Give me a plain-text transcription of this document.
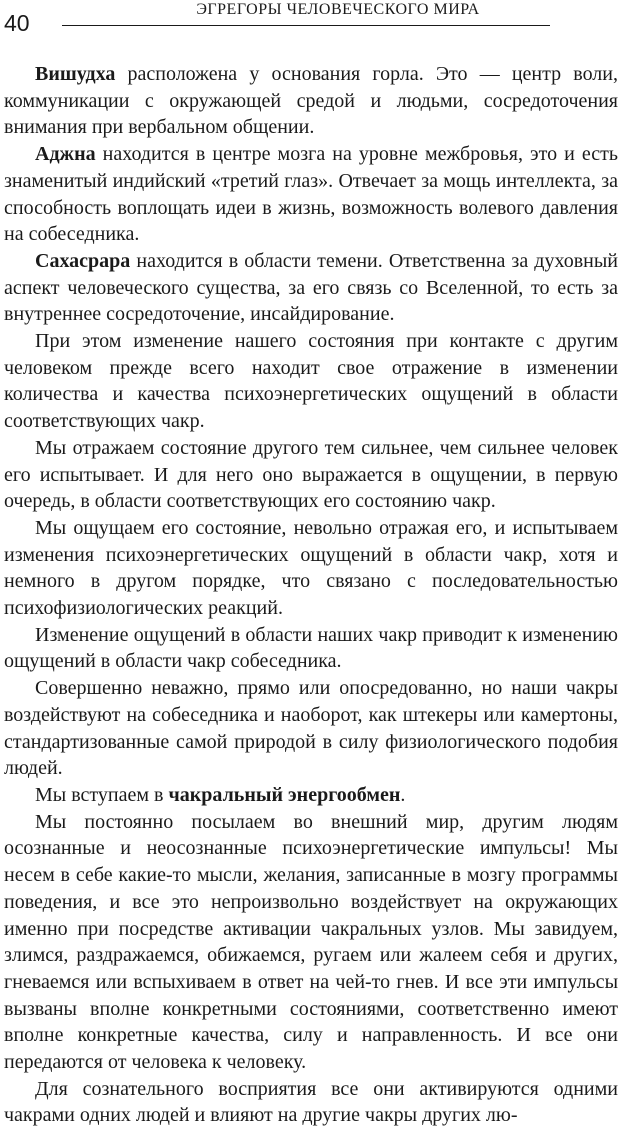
40
ЭГРЕГОРЫ ЧЕЛОВЕЧЕСКОГО МИРА

Вишудха расположена у основания горла. Это — центр воли, коммуникации с окружающей средой и людьми, сосредоточения внимания при вербальном общении.

Аджна находится в центре мозга на уровне межбровья, это и есть знаменитый индийский «третий глаз». Отвечает за мощь интеллекта, за способность воплощать идеи в жизнь, возможность волевого давления на собеседника.

Сахасрара находится в области темени. Ответственна за духовный аспект человеческого существа, за его связь со Вселенной, то есть за внутреннее сосредоточение, инсайдирование.

При этом изменение нашего состояния при контакте с другим человеком прежде всего находит свое отражение в изменении количества и качества психоэнергетических ощущений в области соответствующих чакр.

Мы отражаем состояние другого тем сильнее, чем сильнее человек его испытывает. И для него оно выражается в ощущении, в первую очередь, в области соответствующих его состоянию чакр.

Мы ощущаем его состояние, невольно отражая его, и испытываем изменения психоэнергетических ощущений в области чакр, хотя и немного в другом порядке, что связано с последовательностью психофизиологических реакций.

Изменение ощущений в области наших чакр приводит к изменению ощущений в области чакр собеседника.

Совершенно неважно, прямо или опосредованно, но наши чакры воздействуют на собеседника и наоборот, как штекеры или камертоны, стандартизованные самой природой в силу физиологического подобия людей.

Мы вступаем в чакральный энергообмен.

Мы постоянно посылаем во внешний мир, другим людям осознанные и неосознанные психоэнергетические импульсы! Мы несем в себе какие-то мысли, желания, записанные в мозгу программы поведения, и все это непроизвольно воздействует на окружающих именно при посредстве активации чакральных узлов. Мы завидуем, злимся, раздражаемся, обижаемся, ругаем или жалеем себя и других, гневаемся или вспыхиваем в ответ на чей-то гнев. И все эти импульсы вызваны вполне конкретными состояниями, соответственно имеют вполне конкретные качества, силу и направленность. И все они передаются от человека к человеку.

Для сознательного восприятия все они активируются одними чакрами одних людей и влияют на другие чакры других лю-
